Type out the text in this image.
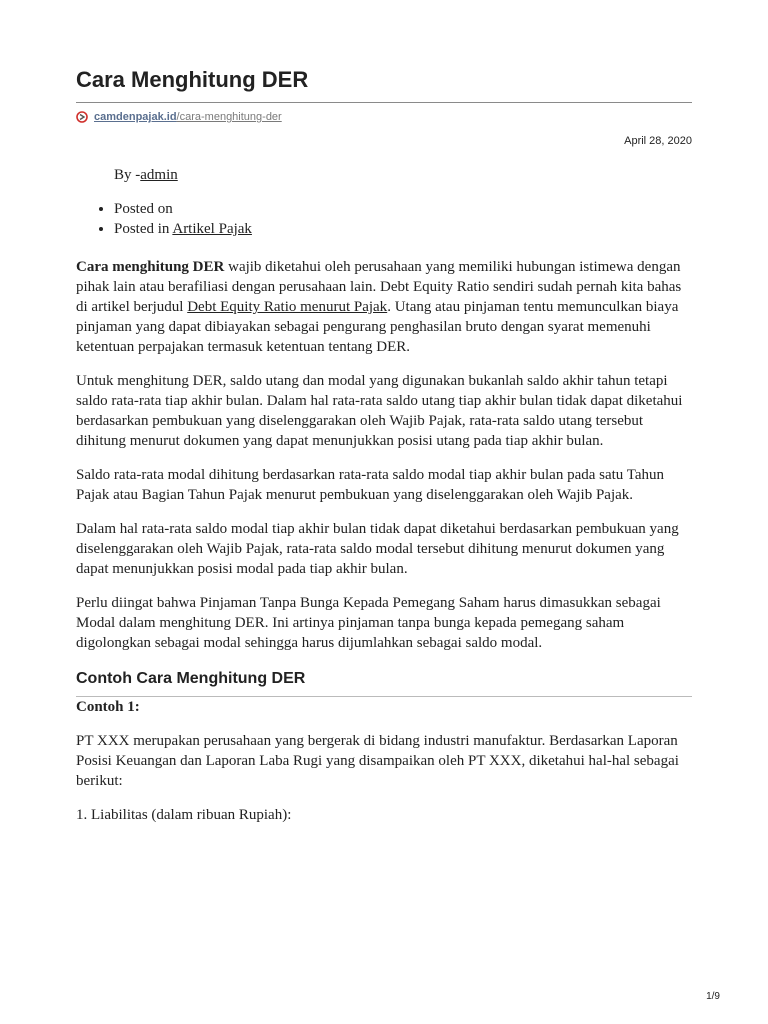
Cara Menghitung DER
camdenpajak.id /cara-menghitung-der
April 28, 2020
By -admin
• Posted on
• Posted in Artikel Pajak

Cara menghitung DER wajib diketahui oleh perusahaan yang memiliki hubungan istimewa dengan pihak lain atau berafiliasi dengan perusahaan lain. Debt Equity Ratio sendiri sudah pernah kita bahas di artikel berjudul Debt Equity Ratio menurut Pajak. Utang atau pinjaman tentu memunculkan biaya pinjaman yang dapat dibiayakan sebagai pengurang penghasilan bruto dengan syarat memenuhi ketentuan perpajakan termasuk ketentuan tentang DER.

Untuk menghitung DER, saldo utang dan modal yang digunakan bukanlah saldo akhir tahun tetapi saldo rata-rata tiap akhir bulan. Dalam hal rata-rata saldo utang tiap akhir bulan tidak dapat diketahui berdasarkan pembukuan yang diselenggarakan oleh Wajib Pajak, rata-rata saldo utang tersebut dihitung menurut dokumen yang dapat menunjukkan posisi utang pada tiap akhir bulan.

Saldo rata-rata modal dihitung berdasarkan rata-rata saldo modal tiap akhir bulan pada satu Tahun Pajak atau Bagian Tahun Pajak menurut pembukuan yang diselenggarakan oleh Wajib Pajak.

Dalam hal rata-rata saldo modal tiap akhir bulan tidak dapat diketahui berdasarkan pembukuan yang diselenggarakan oleh Wajib Pajak, rata-rata saldo modal tersebut dihitung menurut dokumen yang dapat menunjukkan posisi modal pada tiap akhir bulan.

Perlu diingat bahwa Pinjaman Tanpa Bunga Kepada Pemegang Saham harus dimasukkan sebagai Modal dalam menghitung DER. Ini artinya pinjaman tanpa bunga kepada pemegang saham digolongkan sebagai modal sehingga harus dijumlahkan sebagai saldo modal.

Contoh Cara Menghitung DER

Contoh 1:

PT XXX merupakan perusahaan yang bergerak di bidang industri manufaktur. Berdasarkan Laporan Posisi Keuangan dan Laporan Laba Rugi yang disampaikan oleh PT XXX, diketahui hal-hal sebagai berikut:

1. Liabilitas (dalam ribuan Rupiah):

1/9
